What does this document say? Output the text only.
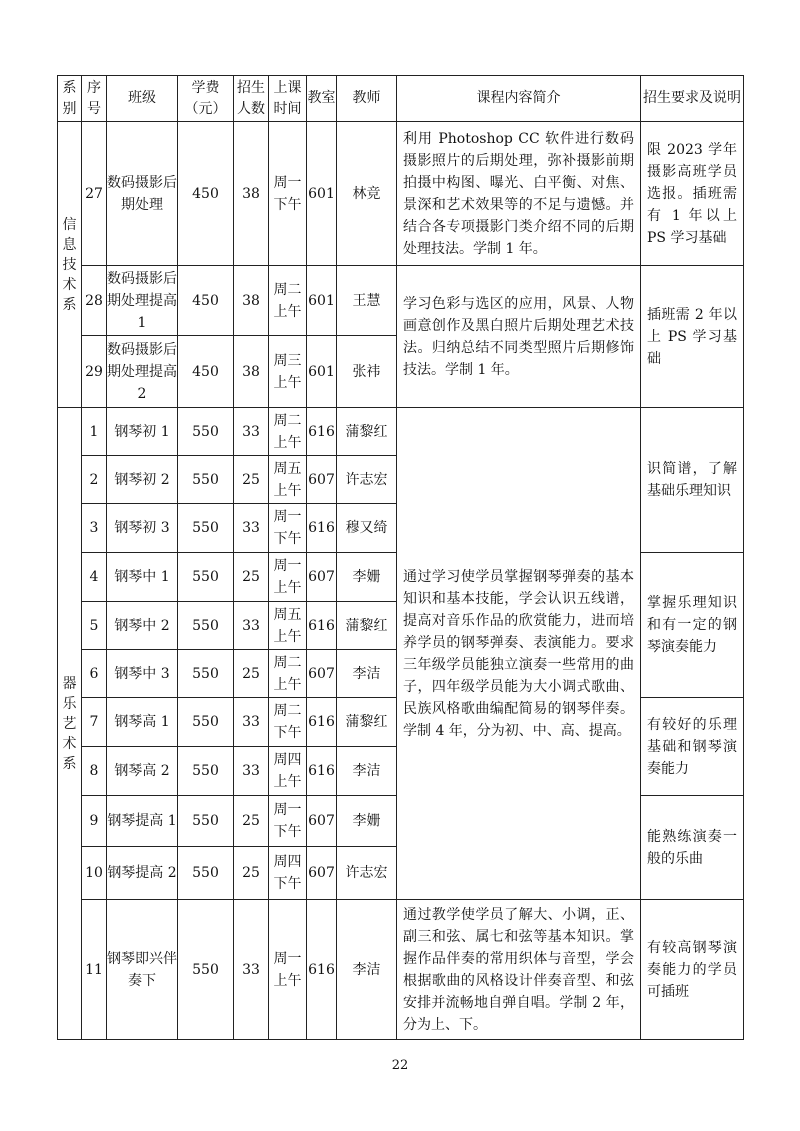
系别	序号	班级	学费（元）	招生人数	上课时间	教室	教师	课程内容简介	招生要求及说明

信息技术系	27	数码摄影后期处理	450	38	周一下午	601	林竞	利用 Photoshop CC 软件进行数码摄影照片的后期处理，弥补摄影前期拍摄中构图、曝光、白平衡、对焦、景深和艺术效果等的不足与遗憾。并结合各专项摄影门类介绍不同的后期处理技法。学制 1 年。	限 2023 学年摄影高班学员选报。插班需有 1 年以上 PS 学习基础
	28	数码摄影后期处理提高 1	450	38	周二上午	601	王慧	学习色彩与选区的应用，风景、人物画意创作及黑白照片后期处理艺术技法。归纳总结不同类型照片后期修饰技法。学制 1 年。	插班需 2 年以上 PS 学习基础
	29	数码摄影后期处理提高 2	450	38	周三上午	601	张祎		

器乐艺术系	1	钢琴初 1	550	33	周二上午	616	蒲黎红	通过学习使学员掌握钢琴弹奏的基本知识和基本技能，学会认识五线谱，提高对音乐作品的欣赏能力，进而培养学员的钢琴弹奏、表演能力。要求三年级学员能独立演奏一些常用的曲子，四年级学员能为大小调式歌曲、民族风格歌曲编配简易的钢琴伴奏。学制 4 年，分为初、中、高、提高。	识简谱，了解基础乐理知识
	2	钢琴初 2	550	25	周五上午	607	许志宏		
	3	钢琴初 3	550	33	周一下午	616	穆又绮		
	4	钢琴中 1	550	25	周一上午	607	李姗		掌握乐理知识和有一定的钢琴演奏能力
	5	钢琴中 2	550	33	周五上午	616	蒲黎红		
	6	钢琴中 3	550	25	周二上午	607	李洁		
	7	钢琴高 1	550	33	周二下午	616	蒲黎红		有较好的乐理基础和钢琴演奏能力
	8	钢琴高 2	550	33	周四上午	616	李洁		
	9	钢琴提高 1	550	25	周一下午	607	李姗		能熟练演奏一般的乐曲
	10	钢琴提高 2	550	25	周四下午	607	许志宏		
	11	钢琴即兴伴奏下	550	33	周一上午	616	李洁	通过教学使学员了解大、小调，正、副三和弦、属七和弦等基本知识。掌握作品伴奏的常用织体与音型，学会根据歌曲的风格设计伴奏音型、和弦安排并流畅地自弹自唱。学制 2 年，分为上、下。	有较高钢琴演奏能力的学员可插班
22
